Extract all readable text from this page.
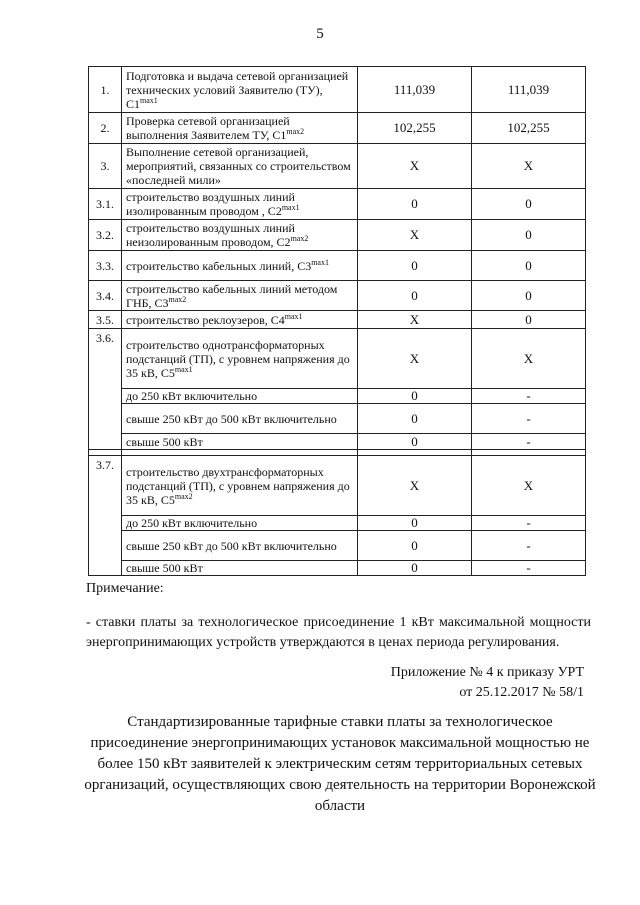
5
1.	Подготовка и выдача сетевой организацией технических условий Заявителю (ТУ), $С1^{max1}$	111,039	111,039
2.	Проверка сетевой организацией выполнения Заявителем ТУ, $С1^{max2}$	102,255	102,255
3.	Выполнение сетевой организацией, мероприятий, связанных со строительством «последней мили»	Х	Х
3.1.	строительство воздушных линий изолированным проводом , $С2^{max1}$	0	0
3.2.	строительство воздушных линий неизолированным проводом, $С2^{max2}$	Х	0
3.3.	строительство кабельных линий, $С3^{max1}$	0	0
3.4.	строительство кабельных линий методом ГНБ, $С3^{max2}$	0	0
3.5.	строительство реклоузеров, $С4^{max1}$	Х	0
3.6.	строительство однотрансформаторных подстанций (ТП), с уровнем напряжения до 35 кВ, $С5^{max1}$	Х	Х
	до 250 кВт включительно	0	-
	свыше 250 кВт до 500 кВт включительно	0	-
	свыше 500 кВт	0	-

3.7.	строительство двухтрансформаторных подстанций (ТП), с уровнем напряжения до 35 кВ, $С5^{max2}$	Х	Х
	до 250 кВт включительно	0	-
	свыше 250 кВт до 500 кВт включительно	0	-
	свыше 500 кВт	0	-
Примечание:
- ставки платы за технологическое присоединение 1 кВт максимальной мощности энергопринимающих устройств утверждаются в ценах периода регулирования.
Приложение № 4 к приказу УРТ
от 25.12.2017 № 58/1
Стандартизированные тарифные ставки платы за технологическое присоединение энергопринимающих установок максимальной мощностью не более 150 кВт заявителей к электрическим сетям территориальных сетевых организаций, осуществляющих свою деятельность на территории Воронежской области
